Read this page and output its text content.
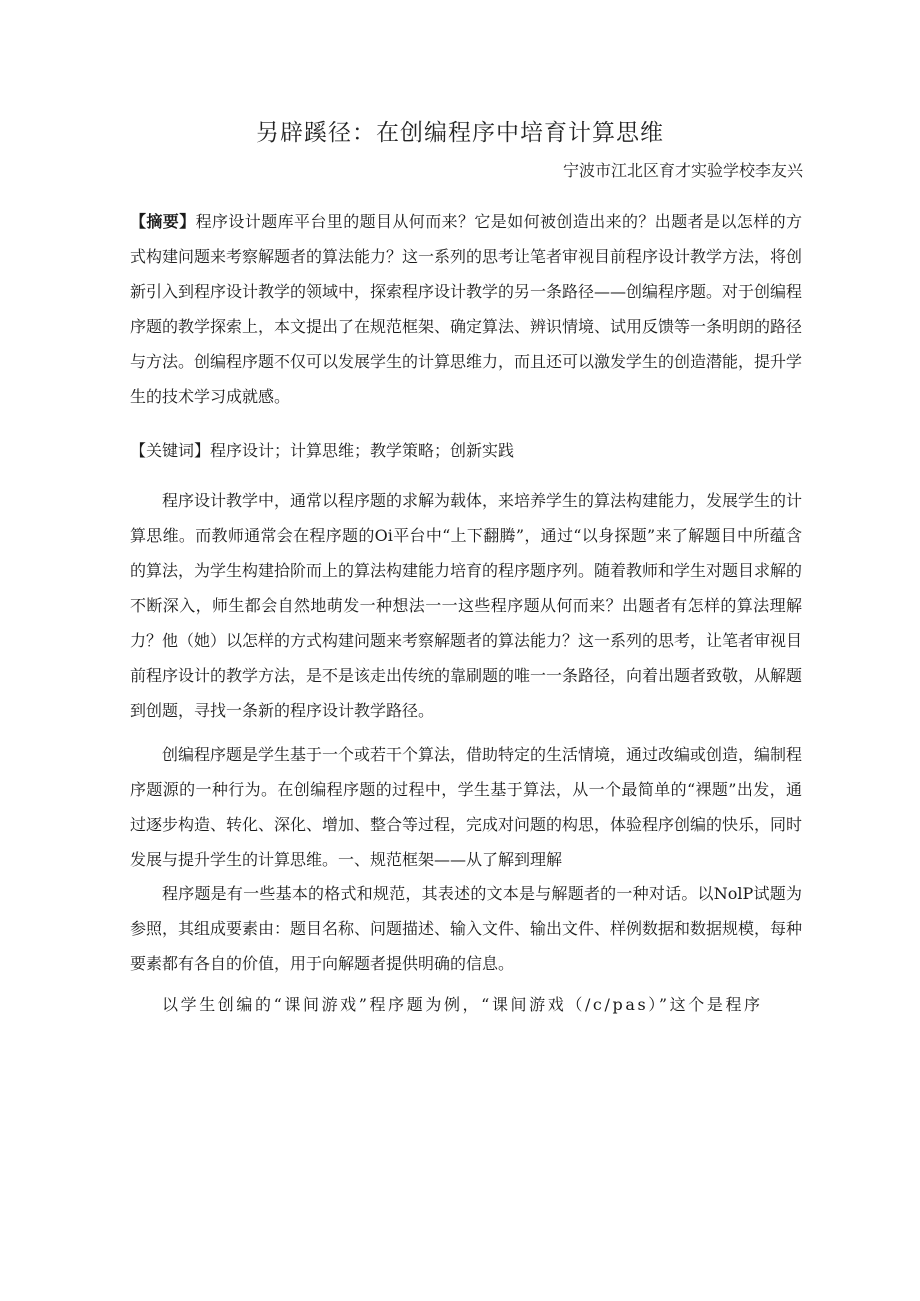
另辟蹊径：在创编程序中培育计算思维
宁波市江北区育才实验学校李友兴
【摘要】程序设计题库平台里的题目从何而来？它是如何被创造出来的？出题者是以怎样的方式构建问题来考察解题者的算法能力？这一系列的思考让笔者审视目前程序设计教学方法，将创新引入到程序设计教学的领域中，探索程序设计教学的另一条路径——创编程序题。对于创编程序题的教学探索上，本文提出了在规范框架、确定算法、辨识情境、试用反馈等一条明朗的路径与方法。创编程序题不仅可以发展学生的计算思维力，而且还可以激发学生的创造潜能，提升学生的技术学习成就感。
【关键词】程序设计；计算思维；教学策略；创新实践
程序设计教学中，通常以程序题的求解为载体，来培养学生的算法构建能力，发展学生的计算思维。而教师通常会在程序题的Oi平台中“上下翻腾”，通过“以身探题”来了解题目中所蕴含的算法，为学生构建拾阶而上的算法构建能力培育的程序题序列。随着教师和学生对题目求解的不断深入，师生都会自然地萌发一种想法一一这些程序题从何而来？出题者有怎样的算法理解力？他（她）以怎样的方式构建问题来考察解题者的算法能力？这一系列的思考，让笔者审视目前程序设计的教学方法，是不是该走出传统的靠刷题的唯一一条路径，向着出题者致敬，从解题到创题，寻找一条新的程序设计教学路径。
创编程序题是学生基于一个或若干个算法，借助特定的生活情境，通过改编或创造，编制程序题源的一种行为。在创编程序题的过程中，学生基于算法，从一个最简单的“裸题”出发，通过逐步构造、转化、深化、增加、整合等过程，完成对问题的构思，体验程序创编的快乐，同时发展与提升学生的计算思维。一、规范框架——从了解到理解
程序题是有一些基本的格式和规范，其表述的文本是与解题者的一种对话。以NolP试题为参照，其组成要素由：题目名称、问题描述、输入文件、输出文件、样例数据和数据规模，每种要素都有各自的价值，用于向解题者提供明确的信息。
以学生创编的“课间游戏”程序题为例，“课间游戏（/c/pas）”这个是程序
